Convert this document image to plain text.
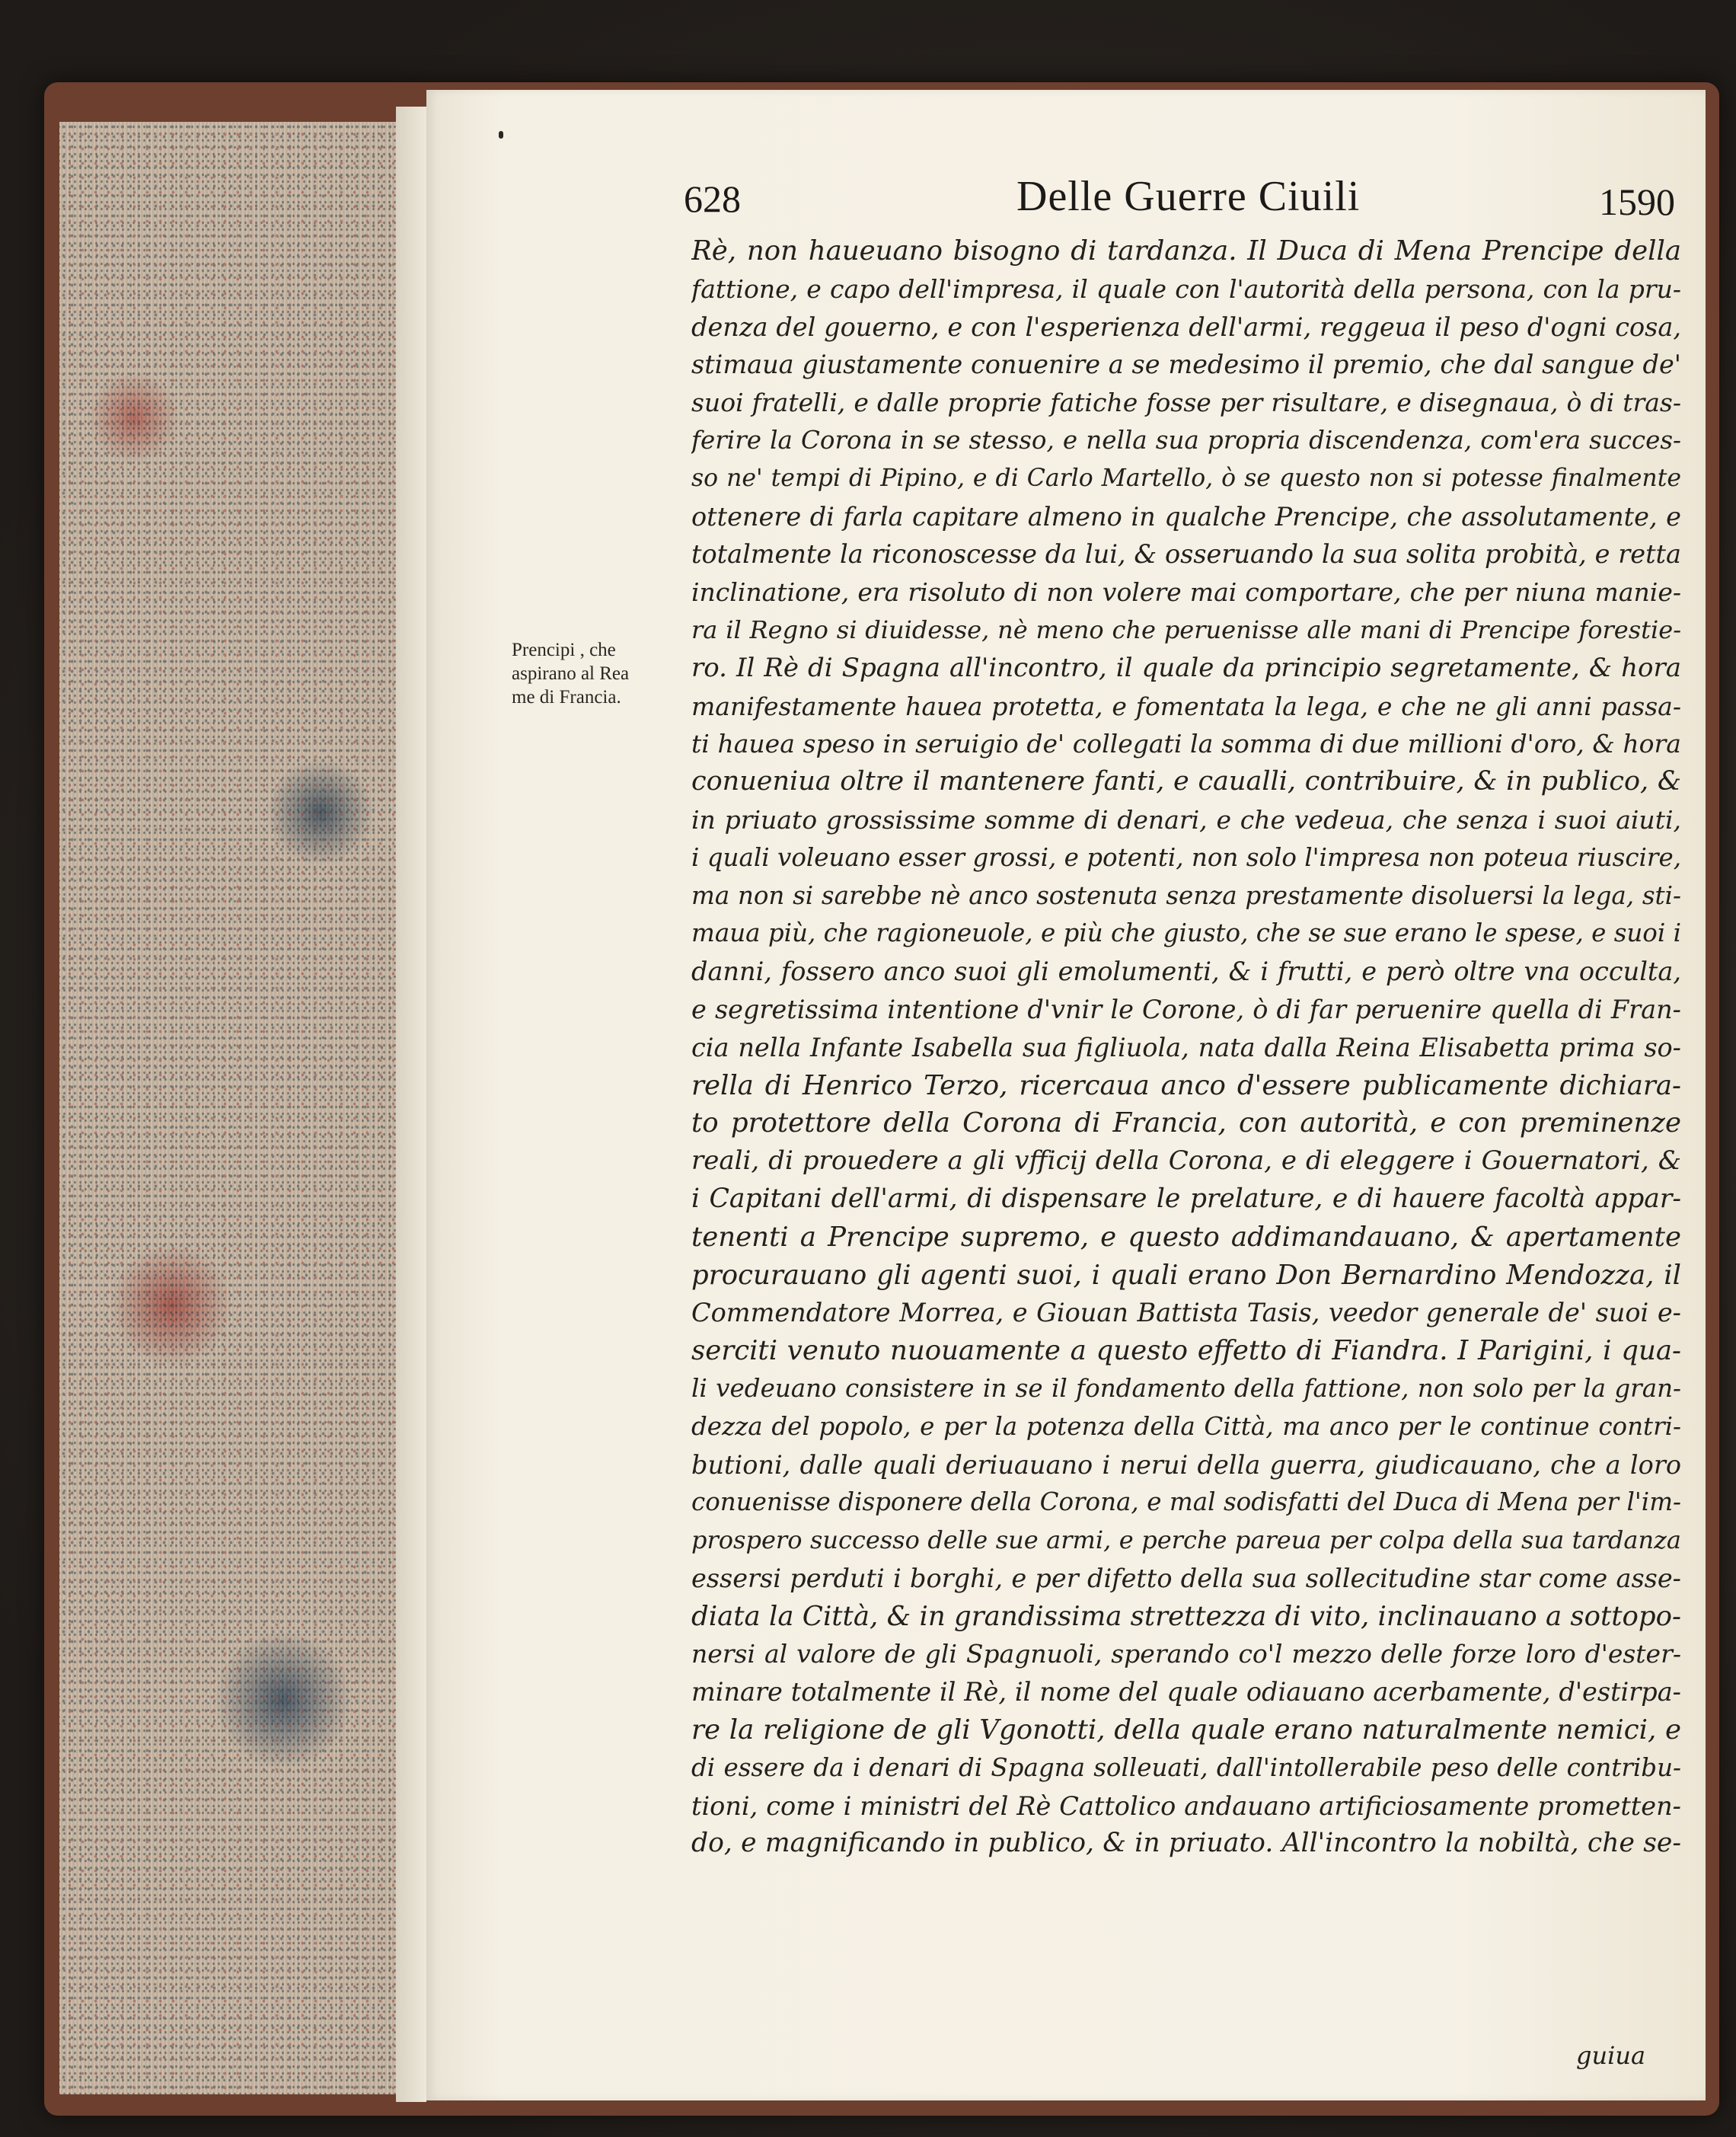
628	Delle Guerre Ciuili	1590
Prencipi , che
aspirano al Rea
me di Francia.
Rè, non haueuano bisogno di tardanza. Il Duca di Mena Prencipe della
fattione, e capo dell'impresa, il quale con l'autorità della persona, con la pru-
denza del gouerno, e con l'esperienza dell'armi, reggeua il peso d'ogni cosa,
stimaua giustamente conuenire a se medesimo il premio, che dal sangue de'
suoi fratelli, e dalle proprie fatiche fosse per risultare, e disegnaua, ò di tras-
ferire la Corona in se stesso, e nella sua propria discendenza, com'era succes-
so ne' tempi di Pipino, e di Carlo Martello, ò se questo non si potesse finalmente
ottenere di farla capitare almeno in qualche Prencipe, che assolutamente, e
totalmente la riconoscesse da lui, & osseruando la sua solita probità, e retta
inclinatione, era risoluto di non volere mai comportare, che per niuna manie-
ra il Regno si diuidesse, nè meno che peruenisse alle mani di Prencipe forestie-
ro. Il Rè di Spagna all'incontro, il quale da principio segretamente, & hora
manifestamente hauea protetta, e fomentata la lega, e che ne gli anni passa-
ti hauea speso in seruigio de' collegati la somma di due millioni d'oro, & hora
conueniua oltre il mantenere fanti, e caualli, contribuire, & in publico, &
in priuato grossissime somme di denari, e che vedeua, che senza i suoi aiuti,
i quali voleuano esser grossi, e potenti, non solo l'impresa non poteua riuscire,
ma non si sarebbe nè anco sostenuta senza prestamente disoluersi la lega, sti-
maua più, che ragioneuole, e più che giusto, che se sue erano le spese, e suoi i
danni, fossero anco suoi gli emolumenti, & i frutti, e però oltre vna occulta,
e segretissima intentione d'vnir le Corone, ò di far peruenire quella di Fran-
cia nella Infante Isabella sua figliuola, nata dalla Reina Elisabetta prima so-
rella di Henrico Terzo, ricercaua anco d'essere publicamente dichiara-
to protettore della Corona di Francia, con autorità, e con preminenze
reali, di prouedere a gli vfficij della Corona, e di eleggere i Gouernatori, &
i Capitani dell'armi, di dispensare le prelature, e di hauere facoltà appar-
tenenti a Prencipe supremo, e questo addimandauano, & apertamente
procurauano gli agenti suoi, i quali erano Don Bernardino Mendozza, il
Commendatore Morrea, e Giouan Battista Tasis, veedor generale de' suoi e-
serciti venuto nuouamente a questo effetto di Fiandra. I Parigini, i qua-
li vedeuano consistere in se il fondamento della fattione, non solo per la gran-
dezza del popolo, e per la potenza della Città, ma anco per le continue contri-
butioni, dalle quali deriuauano i nerui della guerra, giudicauano, che a loro
conuenisse disponere della Corona, e mal sodisfatti del Duca di Mena per l'im-
prospero successo delle sue armi, e perche pareua per colpa della sua tardanza
essersi perduti i borghi, e per difetto della sua sollecitudine star come asse-
diata la Città, & in grandissima strettezza di vito, inclinauano a sottopo-
nersi al valore de gli Spagnuoli, sperando co'l mezzo delle forze loro d'ester-
minare totalmente il Rè, il nome del quale odiauano acerbamente, d'estirpa-
re la religione de gli Vgonotti, della quale erano naturalmente nemici, e
di essere da i denari di Spagna solleuati, dall'intollerabile peso delle contribu-
tioni, come i ministri del Rè Cattolico andauano artificiosamente prometten-
do, e magnificando in publico, & in priuato. All'incontro la nobiltà, che se-
guiua
